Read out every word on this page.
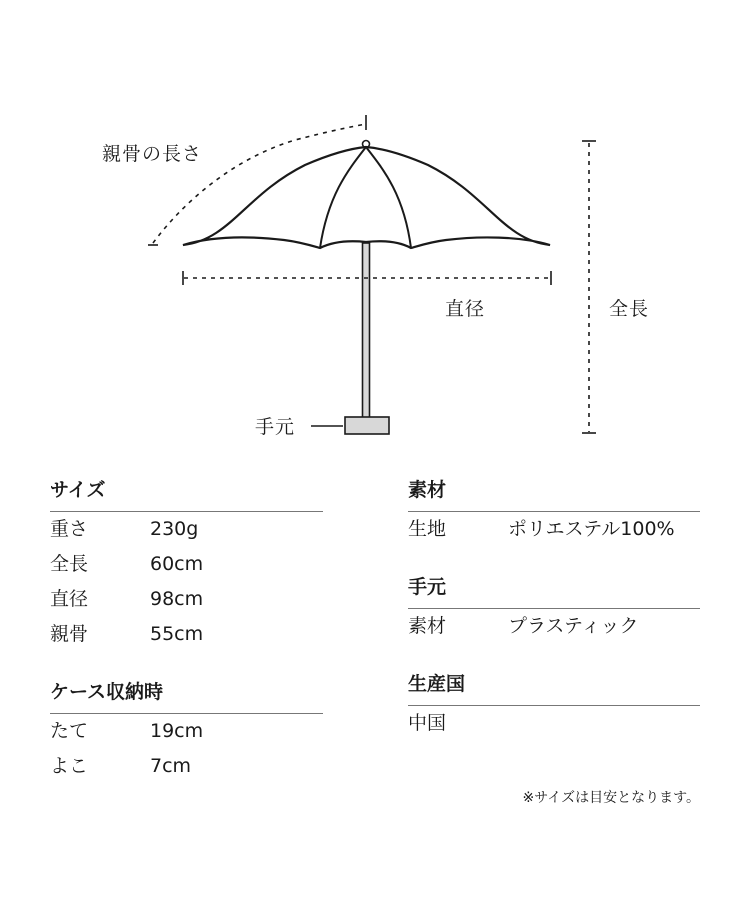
親骨の長さ
直径	全長
手元
サイズ
重さ	230g
全長	60cm
直径	98cm
親骨	55cm
ケース収納時
たて	19cm
よこ	7cm
素材
生地	ポリエステル100%
手元
素材	プラスティック
生産国
中国
※サイズは目安となります。
